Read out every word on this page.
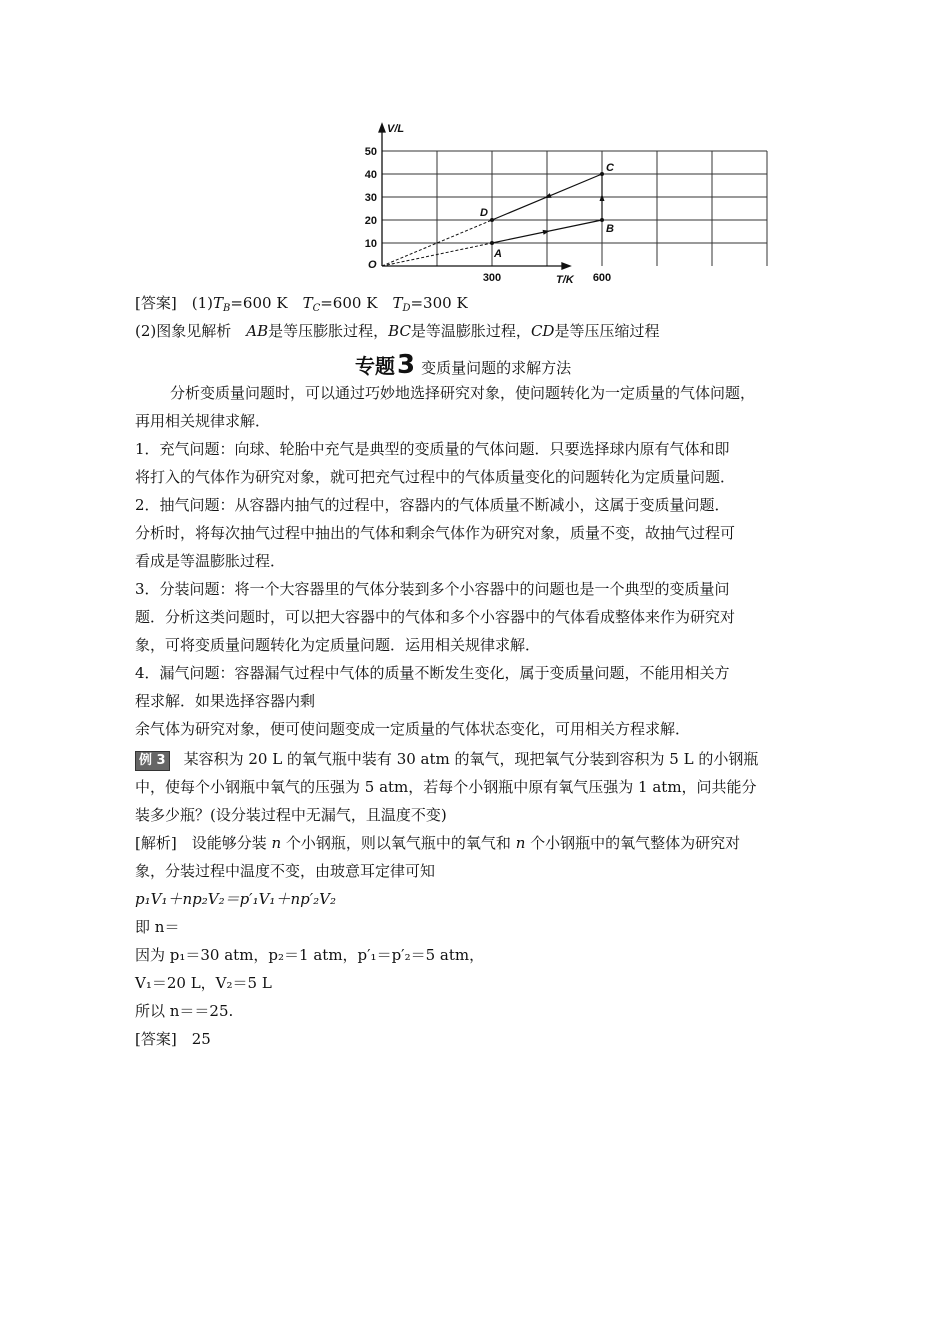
10
20
30
40
50
300	600
V/L
T/K
O
A
B
C
D
[答案]　 $(1)T_B=600$ K　 $T_C=600$ K　 $T_D=300$ K
(2)图象见解析　 AB是等压膨胀过程，BC是等温膨胀过程，CD是等压压缩过程
专题3 变质量问题的求解方法
分析变质量问题时，可以通过巧妙地选择研究对象，使问题转化为一定质量的气体问题，
再用相关规律求解．
1．充气问题：向球、轮胎中充气是典型的变质量的气体问题．只要选择球内原有气体和即
将打入的气体作为研究对象，就可把充气过程中的气体质量变化的问题转化为定质量问题．
2．抽气问题：从容器内抽气的过程中，容器内的气体质量不断减小，这属于变质量问题．
分析时，将每次抽气过程中抽出的气体和剩余气体作为研究对象，质量不变，故抽气过程可
看成是等温膨胀过程．
3．分装问题：将一个大容器里的气体分装到多个小容器中的问题也是一个典型的变质量问
题．分析这类问题时，可以把大容器中的气体和多个小容器中的气体看成整体来作为研究对
象，可将变质量问题转化为定质量问题．运用相关规律求解．
4．漏气问题：容器漏气过程中气体的质量不断发生变化，属于变质量问题，不能用相关方
程求解．如果选择容器内剩
余气体为研究对象，便可使问题变成一定质量的气体状态变化，可用相关方程求解．
例 3 某容积为 20 L 的氧气瓶中装有 30 atm 的氧气，现把氧气分装到容积为 5 L 的小钢瓶
中，使每个小钢瓶中氧气的压强为 5 atm，若每个小钢瓶中原有氧气压强为 1 atm，问共能分
装多少瓶？(设分装过程中无漏气，且温度不变)
[解析]　设能够分装 n 个小钢瓶，则以氧气瓶中的氧气和 n 个小钢瓶中的氧气整体为研究对
象，分装过程中温度不变，由玻意耳定律可知
p₁V₁＋np₂V₂＝p′₁V₁＋np′₂V₂
即 n＝
因为 p₁＝30 atm，p₂＝1 atm，p′₁＝p′₂＝5 atm，
V₁＝20 L，V₂＝5 L
所以 n＝＝25.
[答案]　 25
